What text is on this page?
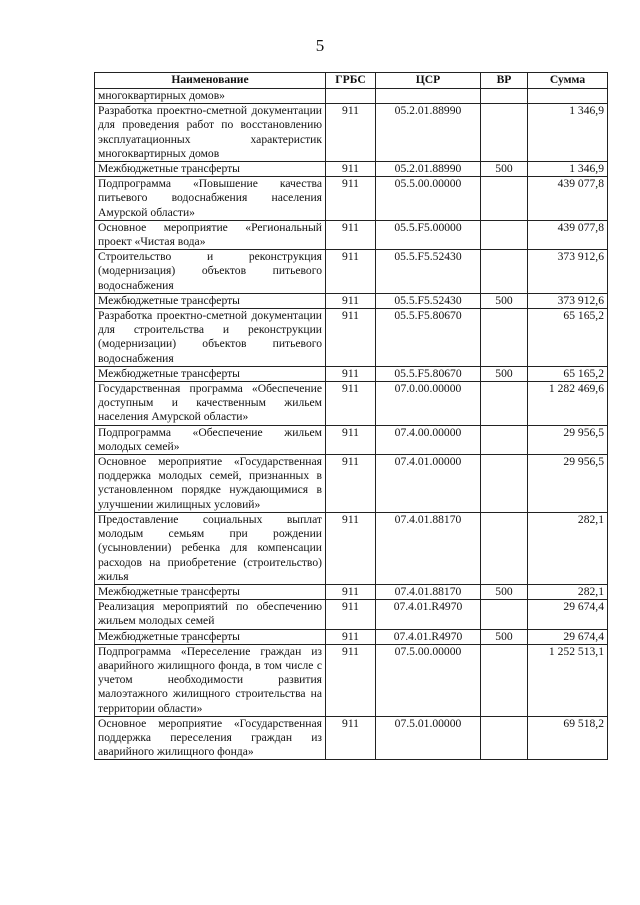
5
Наименование	ГРБС	ЦСР	ВР	Сумма
многоквартирных домов»				
Разработка проектно-сметной документации для проведения работ по восстановлению эксплуатационных характеристик многоквартирных домов	911	05.2.01.88990		1 346,9
Межбюджетные трансферты	911	05.2.01.88990	500	1 346,9
Подпрограмма «Повышение качества питьевого водоснабжения населения Амурской области»	911	05.5.00.00000		439 077,8
Основное мероприятие «Региональный проект «Чистая вода»	911	05.5.F5.00000		439 077,8
Строительство и реконструкция (модернизация) объектов питьевого водоснабжения	911	05.5.F5.52430		373 912,6
Межбюджетные трансферты	911	05.5.F5.52430	500	373 912,6
Разработка проектно-сметной документации для строительства и реконструкции (модернизации) объектов питьевого водоснабжения	911	05.5.F5.80670		65 165,2
Межбюджетные трансферты	911	05.5.F5.80670	500	65 165,2
Государственная программа «Обеспечение доступным и качественным жильем населения Амурской области»	911	07.0.00.00000		1 282 469,6
Подпрограмма «Обеспечение жильем молодых семей»	911	07.4.00.00000		29 956,5
Основное мероприятие «Государственная поддержка молодых семей, признанных в установленном порядке нуждающимися в улучшении жилищных условий»	911	07.4.01.00000		29 956,5
Предоставление социальных выплат молодым семьям при рождении (усыновлении) ребенка для компенсации расходов на приобретение (строительство) жилья	911	07.4.01.88170		282,1
Межбюджетные трансферты	911	07.4.01.88170	500	282,1
Реализация мероприятий по обеспечению жильем молодых семей	911	07.4.01.R4970		29 674,4
Межбюджетные трансферты	911	07.4.01.R4970	500	29 674,4
Подпрограмма «Переселение граждан из аварийного жилищного фонда, в том числе с учетом необходимости развития малоэтажного жилищного строительства на территории области»	911	07.5.00.00000		1 252 513,1
Основное мероприятие «Государственная поддержка переселения граждан из аварийного жилищного фонда»	911	07.5.01.00000		69 518,2
